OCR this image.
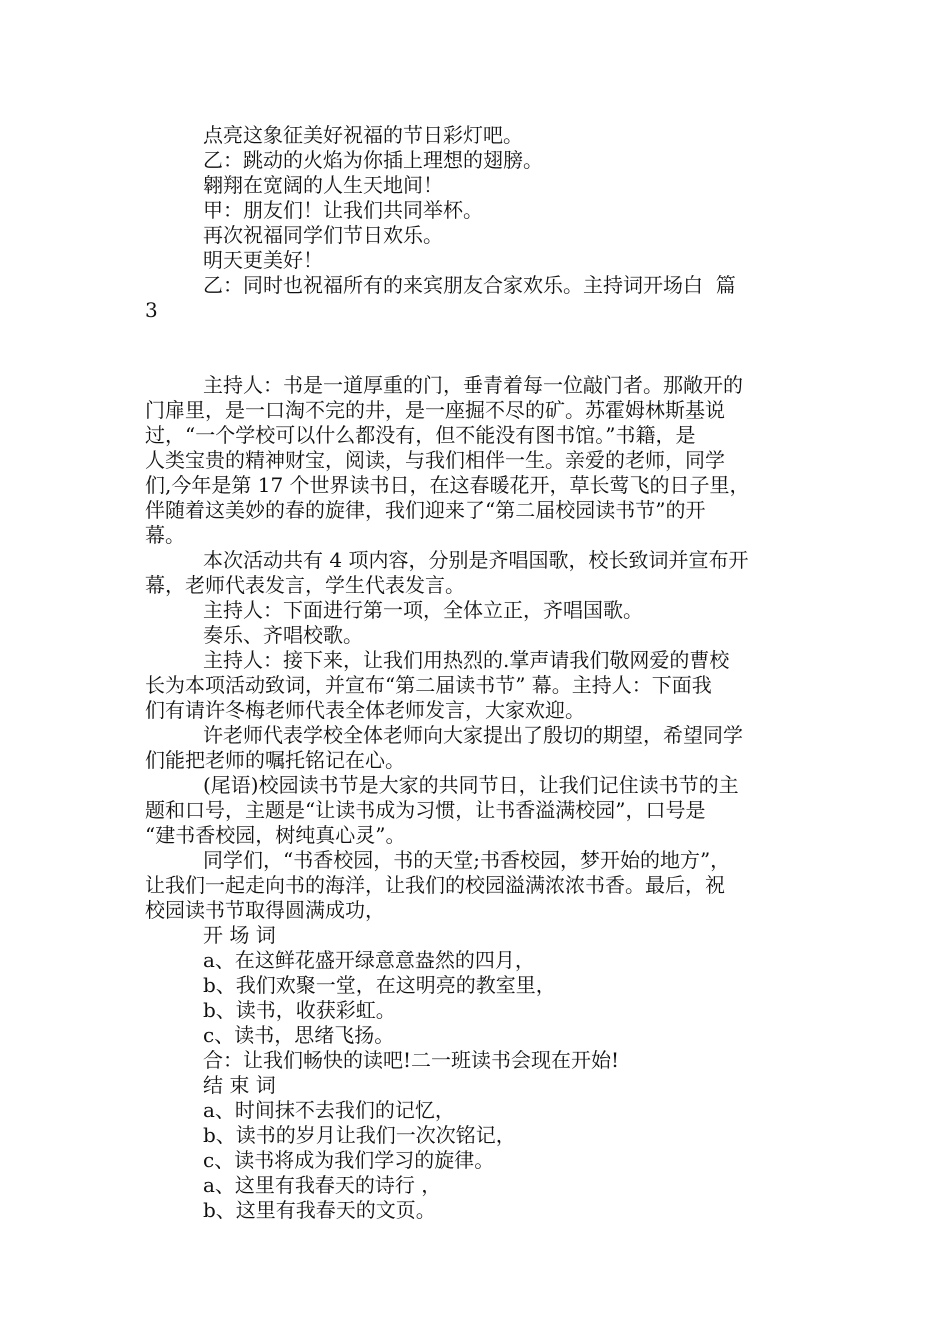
点亮这象征美好祝福的节日彩灯吧。
乙：跳动的火焰为你插上理想的翅膀。
翱翔在宽阔的人生天地间！
甲：朋友们！让我们共同举杯。
再次祝福同学们节日欢乐。
明天更美好！
乙：同时也祝福所有的来宾朋友合家欢乐。主持词开场白  篇
3
主持人：书是一道厚重的门，垂青着每一位敲门者。那敞开的
门扉里，是一口淘不完的井，是一座掘不尽的矿。苏霍姆林斯基说
过，“一个学校可以什么都没有，但不能没有图书馆。”书籍，是
人类宝贵的精神财宝，阅读，与我们相伴一生。亲爱的老师，同学
们,今年是第 17 个世界读书日，在这春暖花开，草长莺飞的日子里，
伴随着这美妙的春的旋律，我们迎来了“第二届校园读书节”的开
幕。
本次活动共有 4 项内容，分别是齐唱国歌，校长致词并宣布开
幕，老师代表发言，学生代表发言。
主持人：下面进行第一项，全体立正，齐唱国歌。
奏乐、齐唱校歌。
主持人：接下来，让我们用热烈的.掌声请我们敬网爱的曹校
长为本项活动致词，并宣布“第二届读书节” 幕。主持人：下面我
们有请许冬梅老师代表全体老师发言，大家欢迎。
许老师代表学校全体老师向大家提出了殷切的期望，希望同学
们能把老师的嘱托铭记在心。
(尾语)校园读书节是大家的共同节日，让我们记住读书节的主
题和口号，主题是“让读书成为习惯，让书香溢满校园”，口号是
“建书香校园，树纯真心灵”。
同学们，“书香校园，书的天堂;书香校园，梦开始的地方”，
让我们一起走向书的海洋，让我们的校园溢满浓浓书香。最后，祝
校园读书节取得圆满成功，
开 场 词
a、在这鲜花盛开绿意意盎然的四月，
b、我们欢聚一堂，在这明亮的教室里，
b、读书，收获彩虹。
c、读书，思绪飞扬。
合：让我们畅快的读吧!二一班读书会现在开始!
结 束 词
a、时间抹不去我们的记忆，
b、读书的岁月让我们一次次铭记，
c、读书将成为我们学习的旋律。
a、这里有我春天的诗行 ，
b、这里有我春天的文页。
